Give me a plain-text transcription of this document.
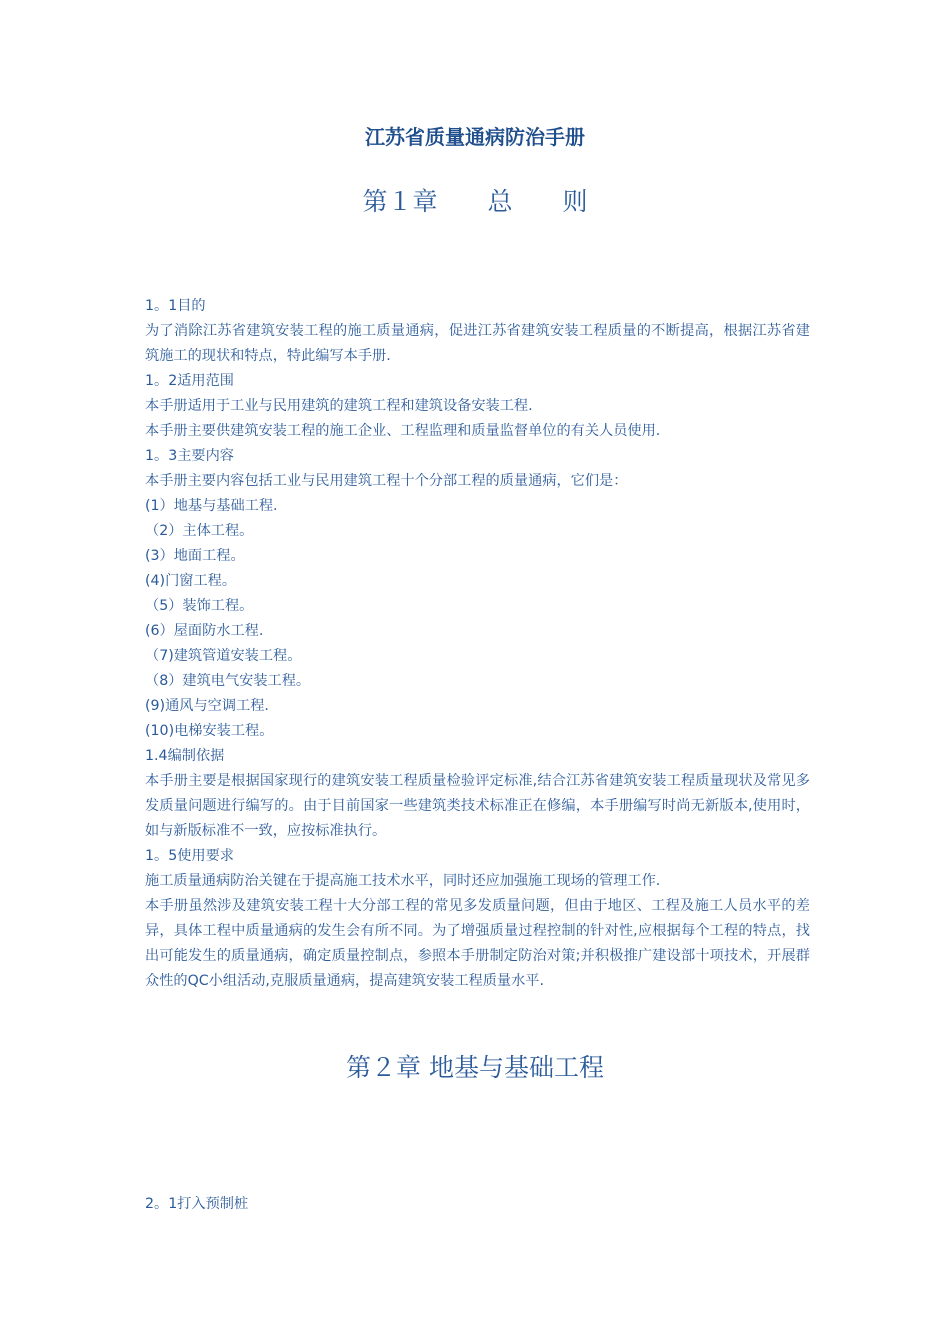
江苏省质量通病防治手册
第１章　　总　　则

1。1目的

为了消除江苏省建筑安装工程的施工质量通病，促进江苏省建筑安装工程质量的不断提高，根据江苏省建筑施工的现状和特点，特此编写本手册.

1。2适用范围

本手册适用于工业与民用建筑的建筑工程和建筑设备安装工程.

本手册主要供建筑安装工程的施工企业、工程监理和质量监督单位的有关人员使用.

1。3主要内容

本手册主要内容包括工业与民用建筑工程十个分部工程的质量通病，它们是：

(1）地基与基础工程.

（2）主体工程。

(3）地面工程。

(4)门窗工程。

（5）装饰工程。

(6）屋面防水工程.

（7)建筑管道安装工程。

（8）建筑电气安装工程。

(9)通风与空调工程.

(10)电梯安装工程。

1.4编制依据

本手册主要是根据国家现行的建筑安装工程质量检验评定标准,结合江苏省建筑安装工程质量现状及常见多发质量问题进行编写的。由于目前国家一些建筑类技术标准正在修编，本手册编写时尚无新版本,使用时，如与新版标准不一致，应按标准执行。

1。5使用要求

施工质量通病防治关键在于提高施工技术水平，同时还应加强施工现场的管理工作.

本手册虽然涉及建筑安装工程十大分部工程的常见多发质量问题，但由于地区、工程及施工人员水平的差异，具体工程中质量通病的发生会有所不同。为了增强质量过程控制的针对性,应根据每个工程的特点，找出可能发生的质量通病，确定质量控制点，参照本手册制定防治对策;并积极推广建设部十项技术，开展群众性的QC小组活动,克服质量通病，提高建筑安装工程质量水平.

第２章 地基与基础工程
2。1打入预制桩
